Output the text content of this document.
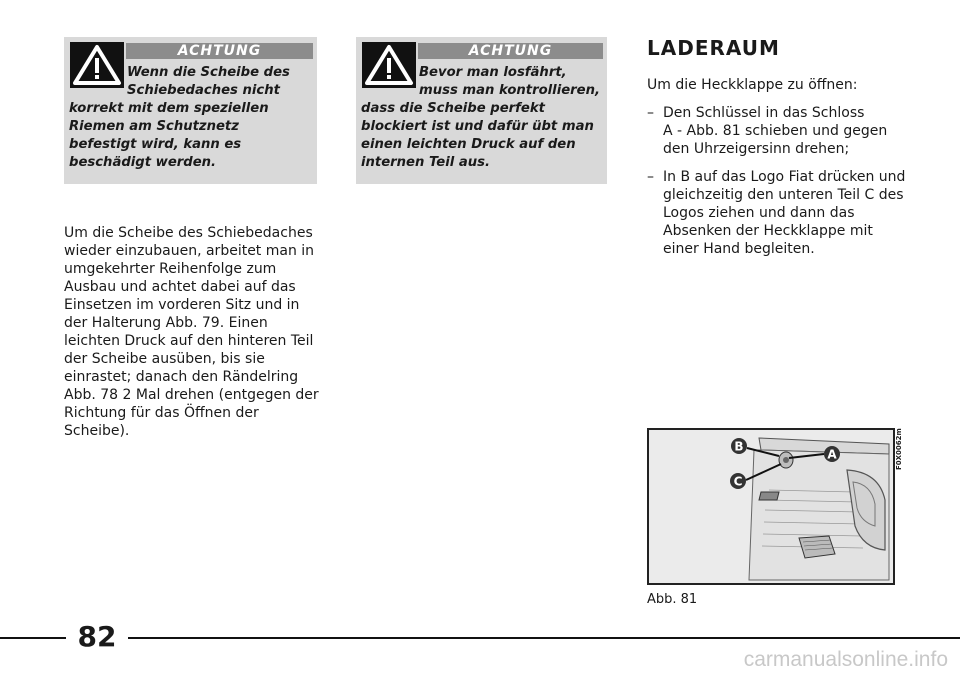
ACHTUNG
Wenn die Scheibe des
Schiebedaches nicht
korrekt mit dem speziellen
Riemen am Schutznetz
befestigt wird, kann es
beschädigt werden.
ACHTUNG
Bevor man losfährt,
muss man kontrollieren,
dass die Scheibe perfekt
blockiert ist und dafür übt man
einen leichten Druck auf den
internen Teil aus.
Um die Scheibe des Schiebedaches
wieder einzubauen, arbeitet man in
umgekehrter Reihenfolge zum
Ausbau und achtet dabei auf das
Einsetzen im vorderen Sitz und in
der Halterung Abb. 79. Einen
leichten Druck auf den hinteren Teil
der Scheibe ausüben, bis sie
einrastet; danach den Rändelring
Abb. 78 2 Mal drehen (entgegen der
Richtung für das Öffnen der
Scheibe).
LADERAUM
Um die Heckklappe zu öffnen:
– Den Schlüssel in das Schloss
A - Abb. 81 schieben und gegen
den Uhrzeigersinn drehen;
– In B auf das Logo Fiat drücken und
gleichzeitig den unteren Teil C des
Logos ziehen und dann das
Absenken der Heckklappe mit
einer Hand begleiten.
B
A
C
F0X0062m
Abb. 81
82
carmanualsonline.info
